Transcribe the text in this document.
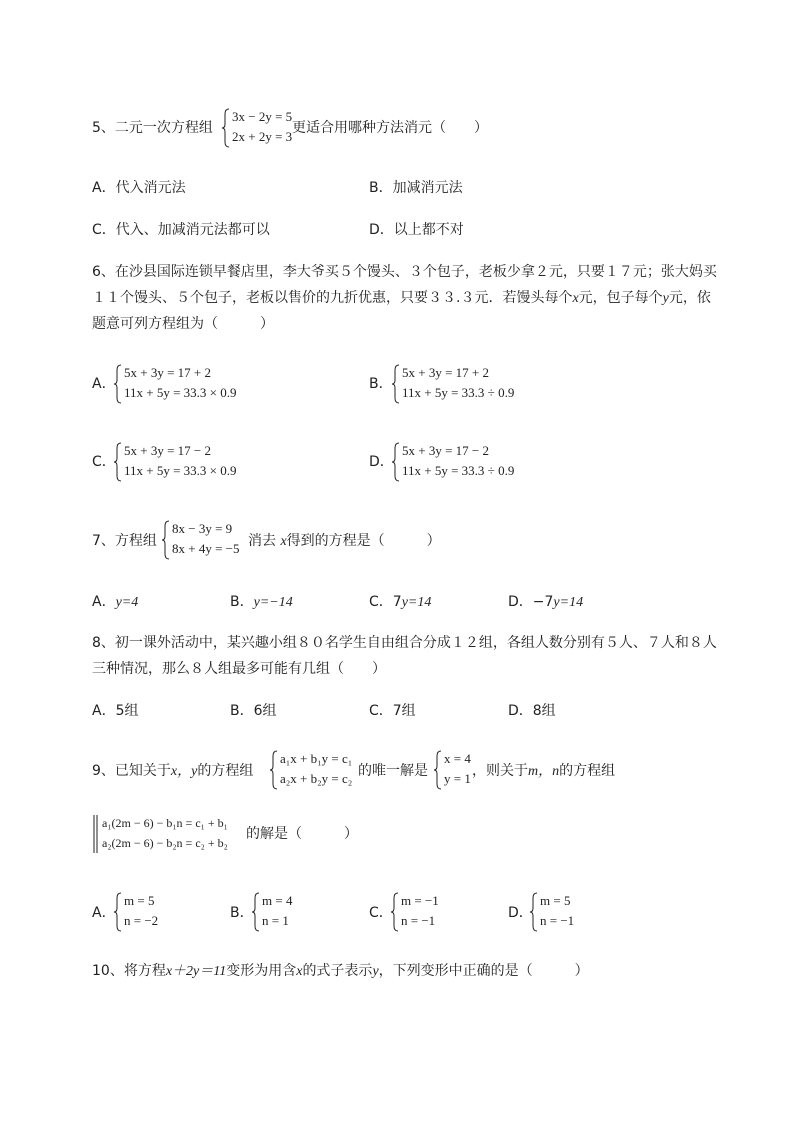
5、二元一次方程组
3x − 2y = 5
2x + 2y = 3
更适合用哪种方法消元（　　）
A．代入消元法	B．加减消元法
C．代入、加减消元法都可以	D．以上都不对
6、在沙县国际连锁早餐店里，李大爷买５个馒头、３个包子，老板少拿２元，只要１７元；张大妈买
１１个馒头、５个包子，老板以售价的九折优惠，只要３３.３元．若馒头每个x元，包子每个y元，依
题意可列方程组为（　　　）
A．
5x + 3y = 17 + 2
11x + 5y = 33.3 × 0.9
B．
5x + 3y = 17 + 2
11x + 5y = 33.3 ÷ 0.9
C．
5x + 3y = 17 − 2
11x + 5y = 33.3 × 0.9
D．
5x + 3y = 17 − 2
11x + 5y = 33.3 ÷ 0.9
7、方程组
8x − 3y = 9
8x + 4y = −5 消去 x得到的方程是（　　　）
A．y=4	B．y=−14	C．7y=14	D．−7y=14
8、初一课外活动中，某兴趣小组８０名学生自由组合分成１２组，各组人数分别有５人、７人和８人
三种情况，那么８人组最多可能有几组（　　）
A．5组	B．6组	C．7组	D．8组
9、已知关于x，y的方程组
a₁x + b₁y = c₁
a₂x + b₂y = c₂ 的唯一解是
x = 4
y = 1 ，则关于m，n的方程组
a₁(2m − 6) − b₁n = c₁ + b₁
a₂(2m − 6) − b₂n = c₂ + b₂
的解是（　　　）
A．
m = 5
n = −2	B．
m = 4
n = 1	C．
m = −1
n = −1	D．
m = 5
n = −1
10、将方程x＋2y＝11变形为用含x的式子表示y，下列变形中正确的是（　　　）
